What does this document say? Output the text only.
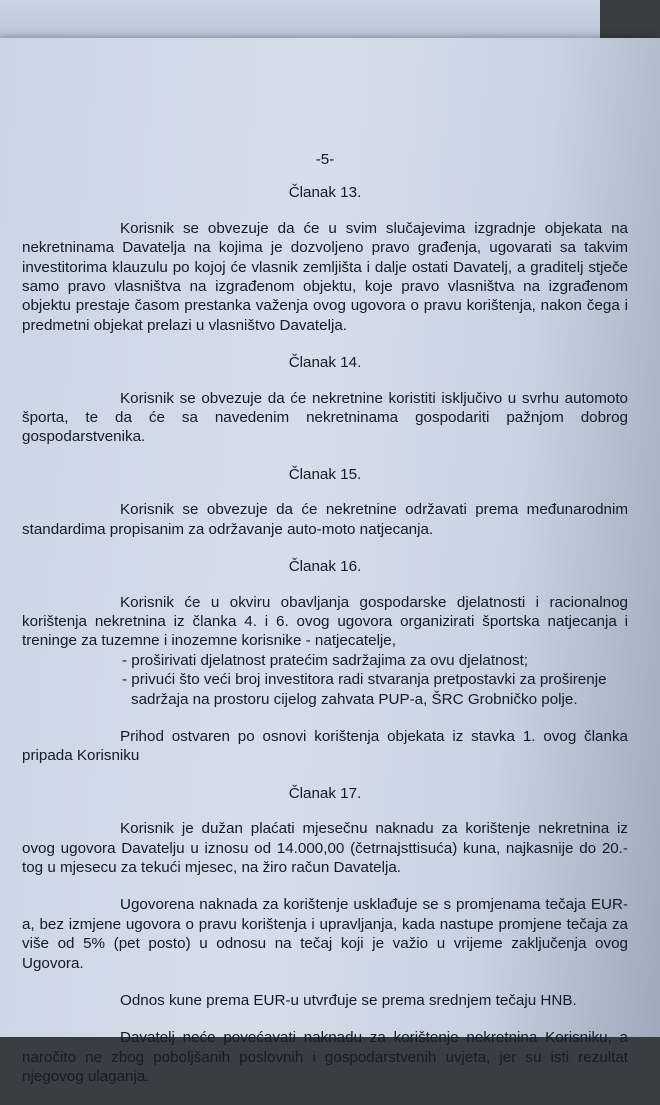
-5-
Članak 13.

Korisnik se obvezuje da će u svim slučajevima izgradnje objekata na nekretninama Davatelja na kojima je dozvoljeno pravo građenja, ugovarati sa takvim investitorima klauzulu po kojoj će vlasnik zemljišta i dalje ostati Davatelj, a graditelj stječe samo pravo vlasništva na izgrađenom objektu, koje pravo vlasništva na izgrađenom objektu prestaje časom prestanka važenja ovog ugovora o pravu korištenja, nakon čega i predmetni objekat prelazi u vlasništvo Davatelja.

Članak 14.

Korisnik se obvezuje da će nekretnine koristiti isključivo u svrhu automoto športa, te da će sa navedenim nekretninama gospodariti pažnjom dobrog gospodarstvenika.

Članak 15.

Korisnik se obvezuje da će nekretnine održavati prema međunarodnim standardima propisanim za održavanje auto-moto natjecanja.

Članak 16.

Korisnik će u okviru obavljanja gospodarske djelatnosti i racionalnog korištenja nekretnina iz članka 4. i 6. ovog ugovora organizirati športska natjecanja i treninge za tuzemne i inozemne korisnike - natjecatelje,

- proširivati djelatnost pratećim sadržajima za ovu djelatnost;
- privući što veći broj investitora radi stvaranja pretpostavki za proširenje
sadržaja na prostoru cijelog zahvata PUP-a, ŠRC Grobničko polje.

Prihod ostvaren po osnovi korištenja objekata iz stavka 1. ovog članka pripada Korisniku

Članak 17.

Korisnik je dužan plaćati mjesečnu naknadu za korištenje nekretnina iz ovog ugovora Davatelju u iznosu od 14.000,00 (četrnajsttisuća) kuna, najkasnije do 20.-tog u mjesecu za tekući mjesec, na žiro račun Davatelja.

Ugovorena naknada za korištenje usklađuje se s promjenama tečaja EUR-a, bez izmjene ugovora o pravu korištenja i upravljanja, kada nastupe promjene tečaja za više od 5% (pet posto) u odnosu na tečaj koji je važio u vrijeme zaključenja ovog Ugovora.

Odnos kune prema EUR-u utvrđuje se prema srednjem tečaju HNB.

Davatelj neće povećavati naknadu za korištenje nekretnina Korisniku, a naročito ne zbog poboljšanih poslovnih i gospodarstvenih uvjeta, jer su isti rezultat njegovog ulaganja.
